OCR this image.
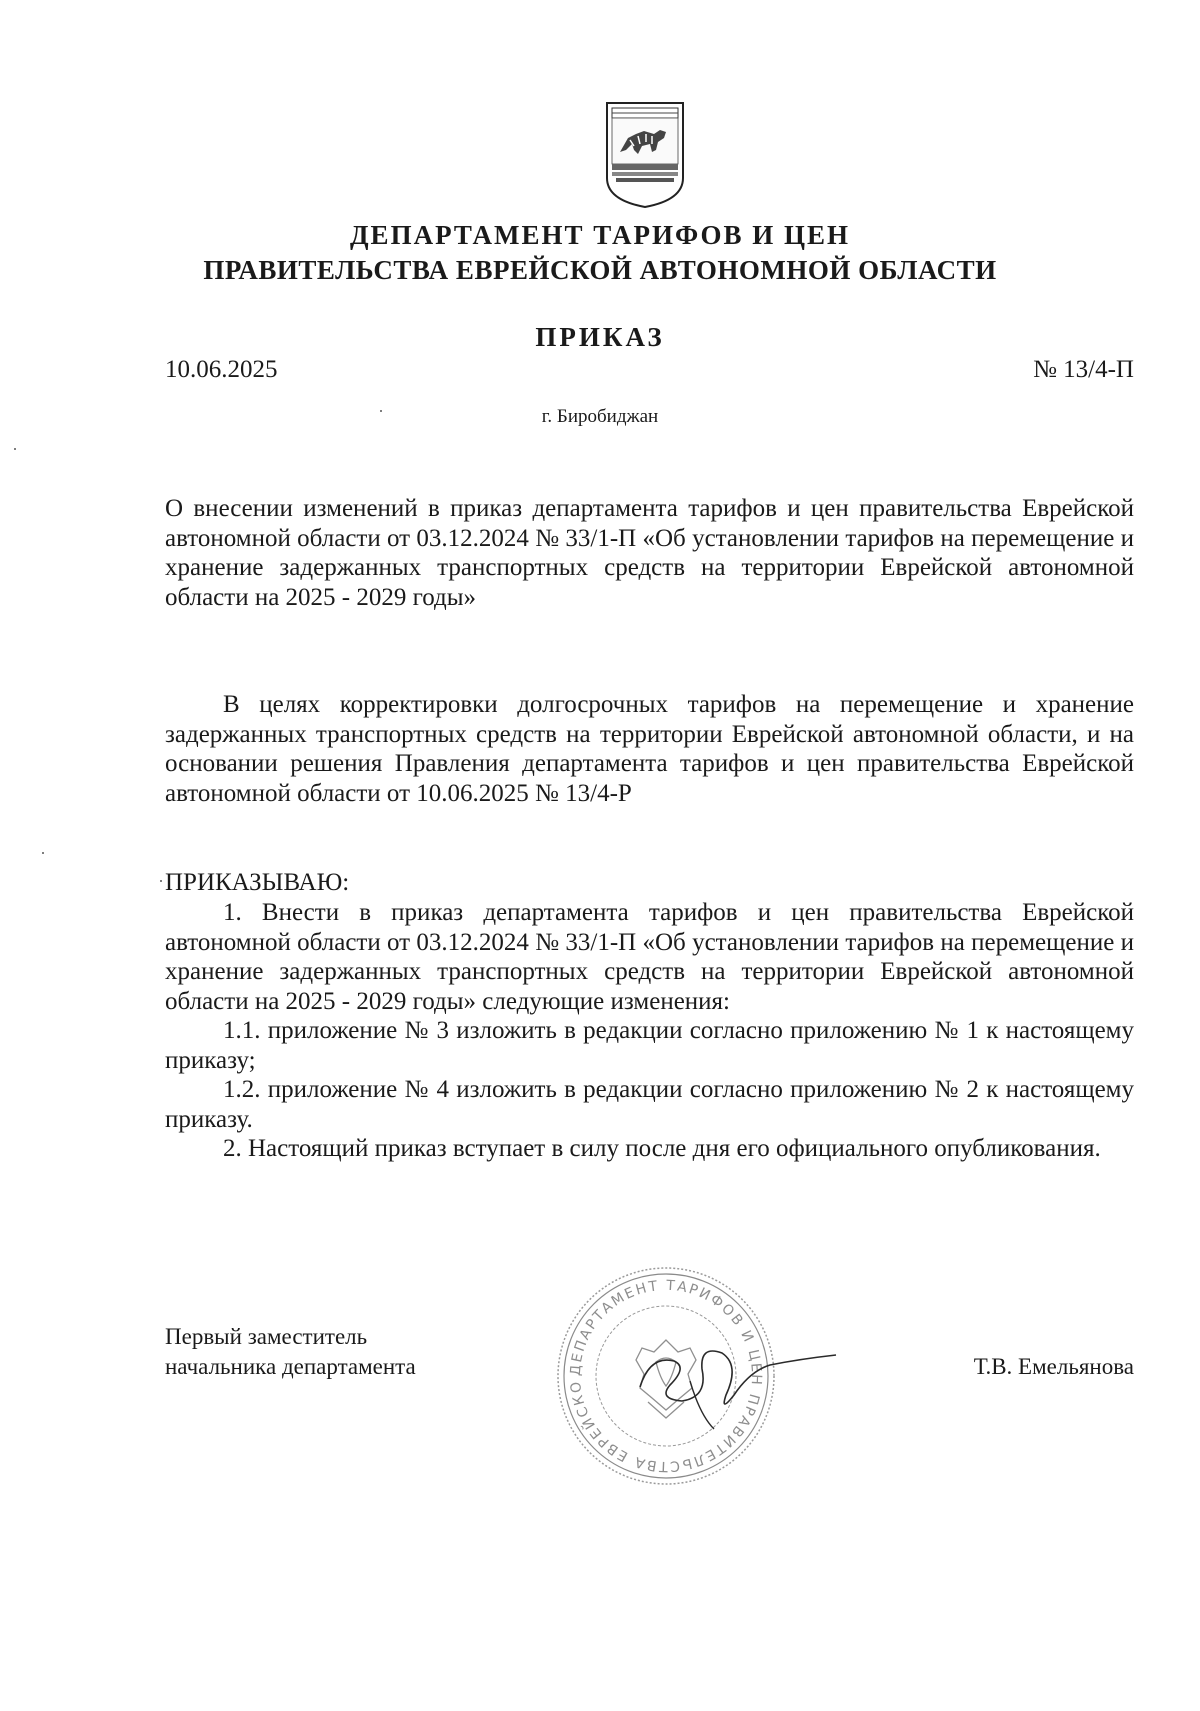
ДЕПАРТАМЕНТ ТАРИФОВ И ЦЕН
ПРАВИТЕЛЬСТВА ЕВРЕЙСКОЙ АВТОНОМНОЙ ОБЛАСТИ
ПРИКАЗ
10.06.2025	№ 13/4-П
г. Биробиджан
О внесении изменений в приказ департамента тарифов и цен правительства Еврейской автономной области от 03.12.2024 № 33/1-П «Об установлении тарифов на перемещение и хранение задержанных транспортных средств на территории Еврейской автономной области на 2025 - 2029 годы»

В целях корректировки долгосрочных тарифов на перемещение и хранение задержанных транспортных средств на территории Еврейской автономной области, и на основании решения Правления департамента тарифов и цен правительства Еврейской автономной области от 10.06.2025 № 13/4-Р

ПРИКАЗЫВАЮ:

1. Внести в приказ департамента тарифов и цен правительства Еврейской автономной области от 03.12.2024 № 33/1-П «Об установлении тарифов на перемещение и хранение задержанных транспортных средств на территории Еврейской автономной области на 2025 - 2029 годы» следующие изменения:

1.1. приложение № 3 изложить в редакции согласно приложению № 1 к настоящему приказу;

1.2. приложение № 4 изложить в редакции согласно приложению № 2 к настоящему приказу.

2. Настоящий приказ вступает в силу после дня его официального опубликования.

Первый заместитель
начальника департамента	ДЕПАРТАМЕНТ ТАРИФОВ И ЦЕН ПРАВИТЕЛЬСТВА ЕВРЕЙСКО
Т.В. Емельянова
